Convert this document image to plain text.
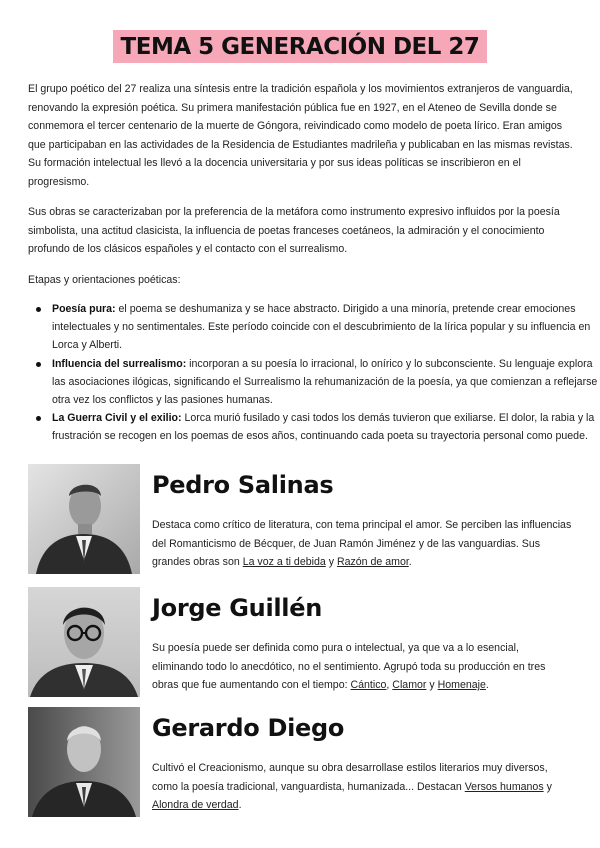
TEMA 5 GENERACIÓN DEL 27

El grupo poético del 27 realiza una síntesis entre la tradición española y los movimientos extranjeros de vanguardia, renovando la expresión poética. Su primera manifestación pública fue en 1927, en el Ateneo de Sevilla donde se conmemora el tercer centenario de la muerte de Góngora, reivindicado como modelo de poeta lírico. Eran amigos que participaban en las actividades de la Residencia de Estudiantes madrileña y publicaban en las mismas revistas. Su formación intelectual les llevó a la docencia universitaria y por sus ideas políticas se inscribieron en el progresismo.

Sus obras se caracterizaban por la preferencia de la metáfora como instrumento expresivo influidos por la poesía simbolista, una actitud clasicista, la influencia de poetas franceses coetáneos, la admiración y el conocimiento profundo de los clásicos españoles y el contacto con el surrealismo.

Etapas y orientaciones poéticas:

Poesía pura: el poema se deshumaniza y se hace abstracto. Dirigido a una minoría, pretende crear emociones intelectuales y no sentimentales. Este período coincide con el descubrimiento de la lírica popular y su influencia en Lorca y Alberti.
Influencia del surrealismo: incorporan a su poesía lo irracional, lo onírico y lo subconsciente. Su lenguaje explora las asociaciones ilógicas, significando el Surrealismo la rehumanización de la poesía, ya que comienzan a reflejarse otra vez los conflictos y las pasiones humanas.
La Guerra Civil y el exilio: Lorca murió fusilado y casi todos los demás tuvieron que exiliarse. El dolor, la rabia y la frustración se recogen en los poemas de esos años, continuando cada poeta su trayectoria personal como puede.
Pedro Salinas

Destaca como crítico de literatura, con tema principal el amor. Se perciben las influencias del Romanticismo de Bécquer, de Juan Ramón Jiménez y de las vanguardias. Sus grandes obras son La voz a ti debida y Razón de amor.

Jorge Guillén

Su poesía puede ser definida como pura o intelectual, ya que va a lo esencial, eliminando todo lo anecdótico, no el sentimiento. Agrupó toda su producción en tres obras que fue aumentando con el tiempo: Cántico, Clamor y Homenaje.

Gerardo Diego

Cultivó el Creacionismo, aunque su obra desarrollase estilos literarios muy diversos, como la poesía tradicional, vanguardista, humanizada... Destacan Versos humanos y Alondra de verdad.
